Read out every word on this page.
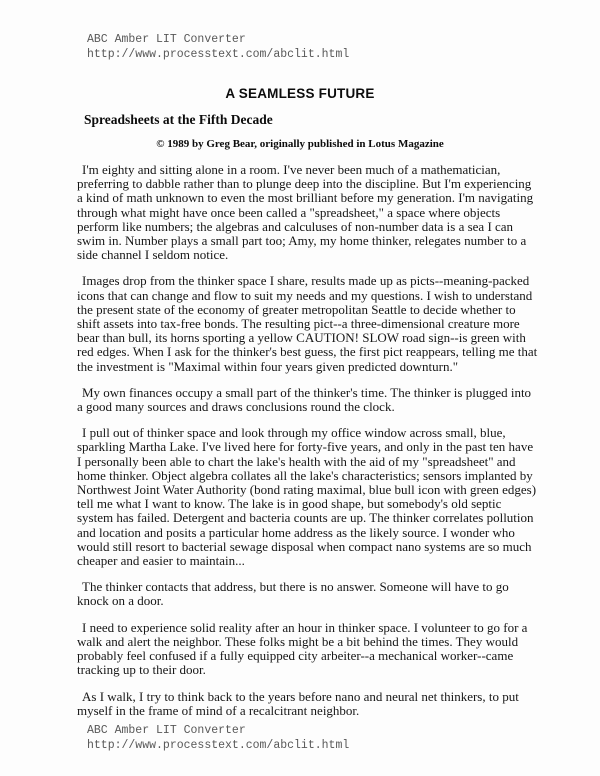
ABC Amber LIT Converter
http://www.processtext.com/abclit.html
A SEAMLESS FUTURE
Spreadsheets at the Fifth Decade
© 1989 by Greg Bear, originally published in Lotus Magazine

I'm eighty and sitting alone in a room. I've never been much of a mathematician, preferring to dabble rather than to plunge deep into the discipline. But I'm experiencing a kind of math unknown to even the most brilliant before my generation. I'm navigating through what might have once been called a "spreadsheet," a space where objects perform like numbers; the algebras and calculuses of non-number data is a sea I can swim in. Number plays a small part too; Amy, my home thinker, relegates number to a side channel I seldom notice.

Images drop from the thinker space I share, results made up as picts--meaning-packed icons that can change and flow to suit my needs and my questions. I wish to understand the present state of the economy of greater metropolitan Seattle to decide whether to shift assets into tax-free bonds. The resulting pict--a three-dimensional creature more bear than bull, its horns sporting a yellow CAUTION! SLOW road sign--is green with red edges. When I ask for the thinker's best guess, the first pict reappears, telling me that the investment is "Maximal within four years given predicted downturn."

My own finances occupy a small part of the thinker's time. The thinker is plugged into a good many sources and draws conclusions round the clock.

I pull out of thinker space and look through my office window across small, blue, sparkling Martha Lake. I've lived here for forty-five years, and only in the past ten have I personally been able to chart the lake's health with the aid of my "spreadsheet" and home thinker. Object algebra collates all the lake's characteristics; sensors implanted by Northwest Joint Water Authority (bond rating maximal, blue bull icon with green edges) tell me what I want to know. The lake is in good shape, but somebody's old septic system has failed. Detergent and bacteria counts are up. The thinker correlates pollution and location and posits a particular home address as the likely source. I wonder who would still resort to bacterial sewage disposal when compact nano systems are so much cheaper and easier to maintain...

The thinker contacts that address, but there is no answer. Someone will have to go knock on a door.

I need to experience solid reality after an hour in thinker space. I volunteer to go for a walk and alert the neighbor. These folks might be a bit behind the times. They would probably feel confused if a fully equipped city arbeiter--a mechanical worker--came tracking up to their door.

As I walk, I try to think back to the years before nano and neural net thinkers, to put myself in the frame of mind of a recalcitrant neighbor.

ABC Amber LIT Converter
http://www.processtext.com/abclit.html
